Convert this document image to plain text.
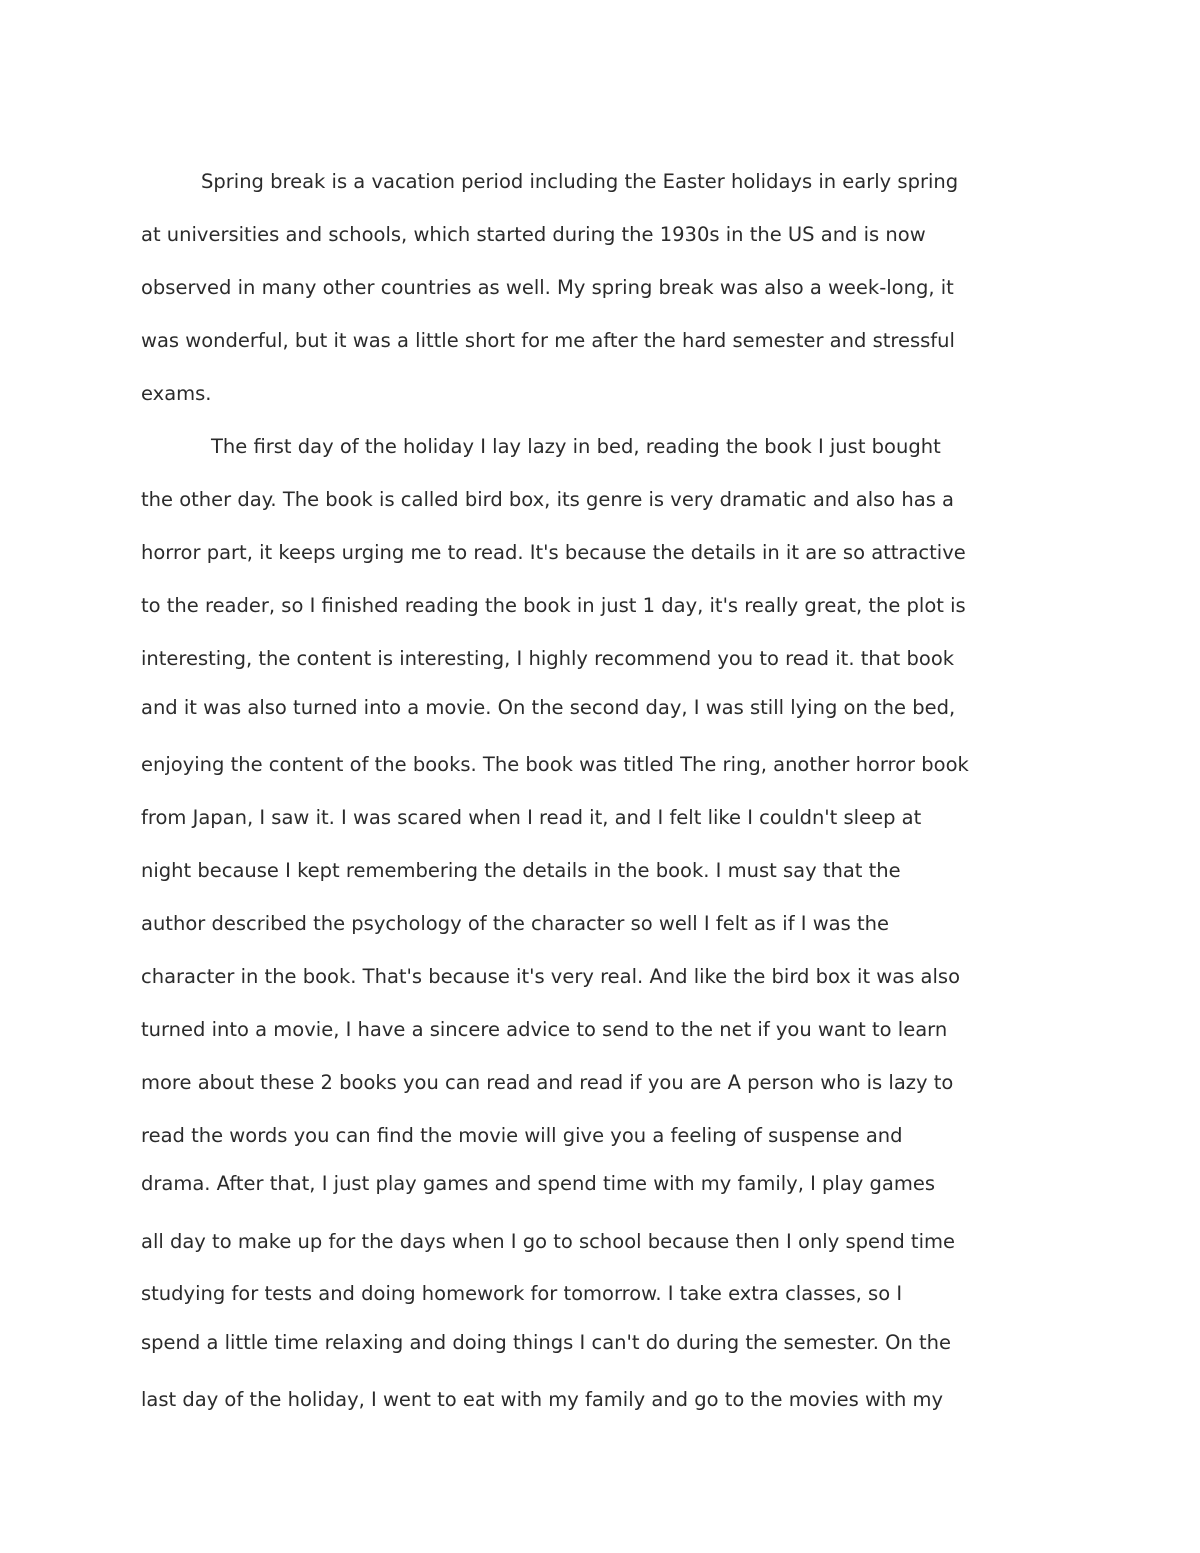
Spring break is a vacation period including the Easter holidays in early spring

at universities and schools, which started during the 1930s in the US and is now

observed in many other countries as well. My spring break was also a week-long, it

was wonderful, but it was a little short for me after the hard semester and stressful

exams.

The first day of the holiday I lay lazy in bed, reading the book I just bought

the other day. The book is called bird box, its genre is very dramatic and also has a

horror part, it keeps urging me to read. It's because the details in it are so attractive

to the reader, so I finished reading the book in just 1 day, it's really great, the plot is

interesting, the content is interesting, I highly recommend you to read it. that book

and it was also turned into a movie. On the second day, I was still lying on the bed,

enjoying the content of the books. The book was titled The ring, another horror book

from Japan, I saw it. I was scared when I read it, and I felt like I couldn't sleep at

night because I kept remembering the details in the book. I must say that the

author described the psychology of the character so well I felt as if I was the

character in the book. That's because it's very real. And like the bird box it was also

turned into a movie, I have a sincere advice to send to the net if you want to learn

more about these 2 books you can read and read if you are A person who is lazy to

read the words you can find the movie will give you a feeling of suspense and

drama. After that, I just play games and spend time with my family, I play games

all day to make up for the days when I go to school because then I only spend time

studying for tests and doing homework for tomorrow. I take extra classes, so I

spend a little time relaxing and doing things I can't do during the semester. On the

last day of the holiday, I went to eat with my family and go to the movies with my
